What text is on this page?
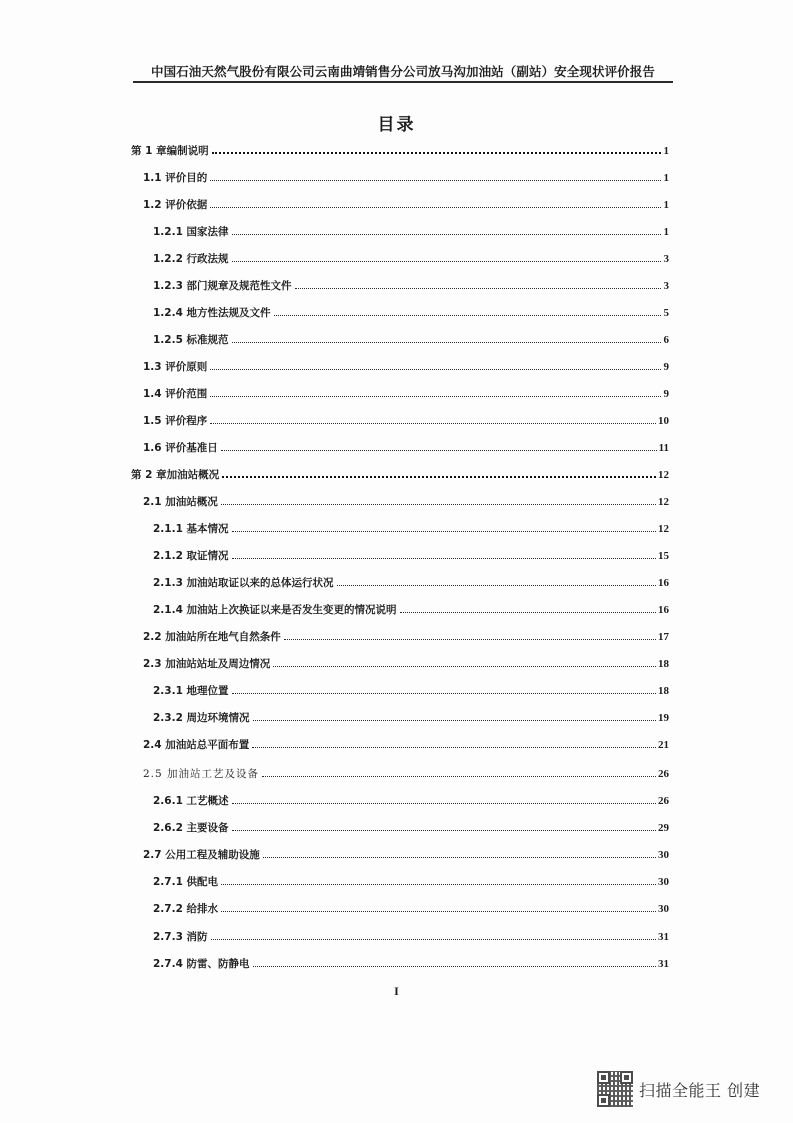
中国石油天然气股份有限公司云南曲靖销售分公司放马沟加油站（副站）安全现状评价报告
目录
第 1 章编制说明	1
1.1 评价目的	1
1.2 评价依据	1
1.2.1 国家法律	1
1.2.2 行政法规	3
1.2.3 部门规章及规范性文件	3
1.2.4 地方性法规及文件	5
1.2.5 标准规范	6
1.3 评价原则	9
1.4 评价范围	9
1.5 评价程序	10
1.6 评价基准日	11
第 2 章加油站概况	12
2.1 加油站概况	12
2.1.1 基本情况	12
2.1.2 取证情况	15
2.1.3 加油站取证以来的总体运行状况	16
2.1.4 加油站上次换证以来是否发生变更的情况说明	16
2.2 加油站所在地气自然条件	17
2.3 加油站站址及周边情况	18
2.3.1 地理位置	18
2.3.2 周边环境情况	19
2.4 加油站总平面布置	21
2.5 加油站工艺及设备	26
2.6.1 工艺概述	26
2.6.2 主要设备	29
2.7 公用工程及辅助设施	30
2.7.1 供配电	30
2.7.2 给排水	30
2.7.3 消防	31
2.7.4 防雷、防静电	31
I
扫描全能王 创建
